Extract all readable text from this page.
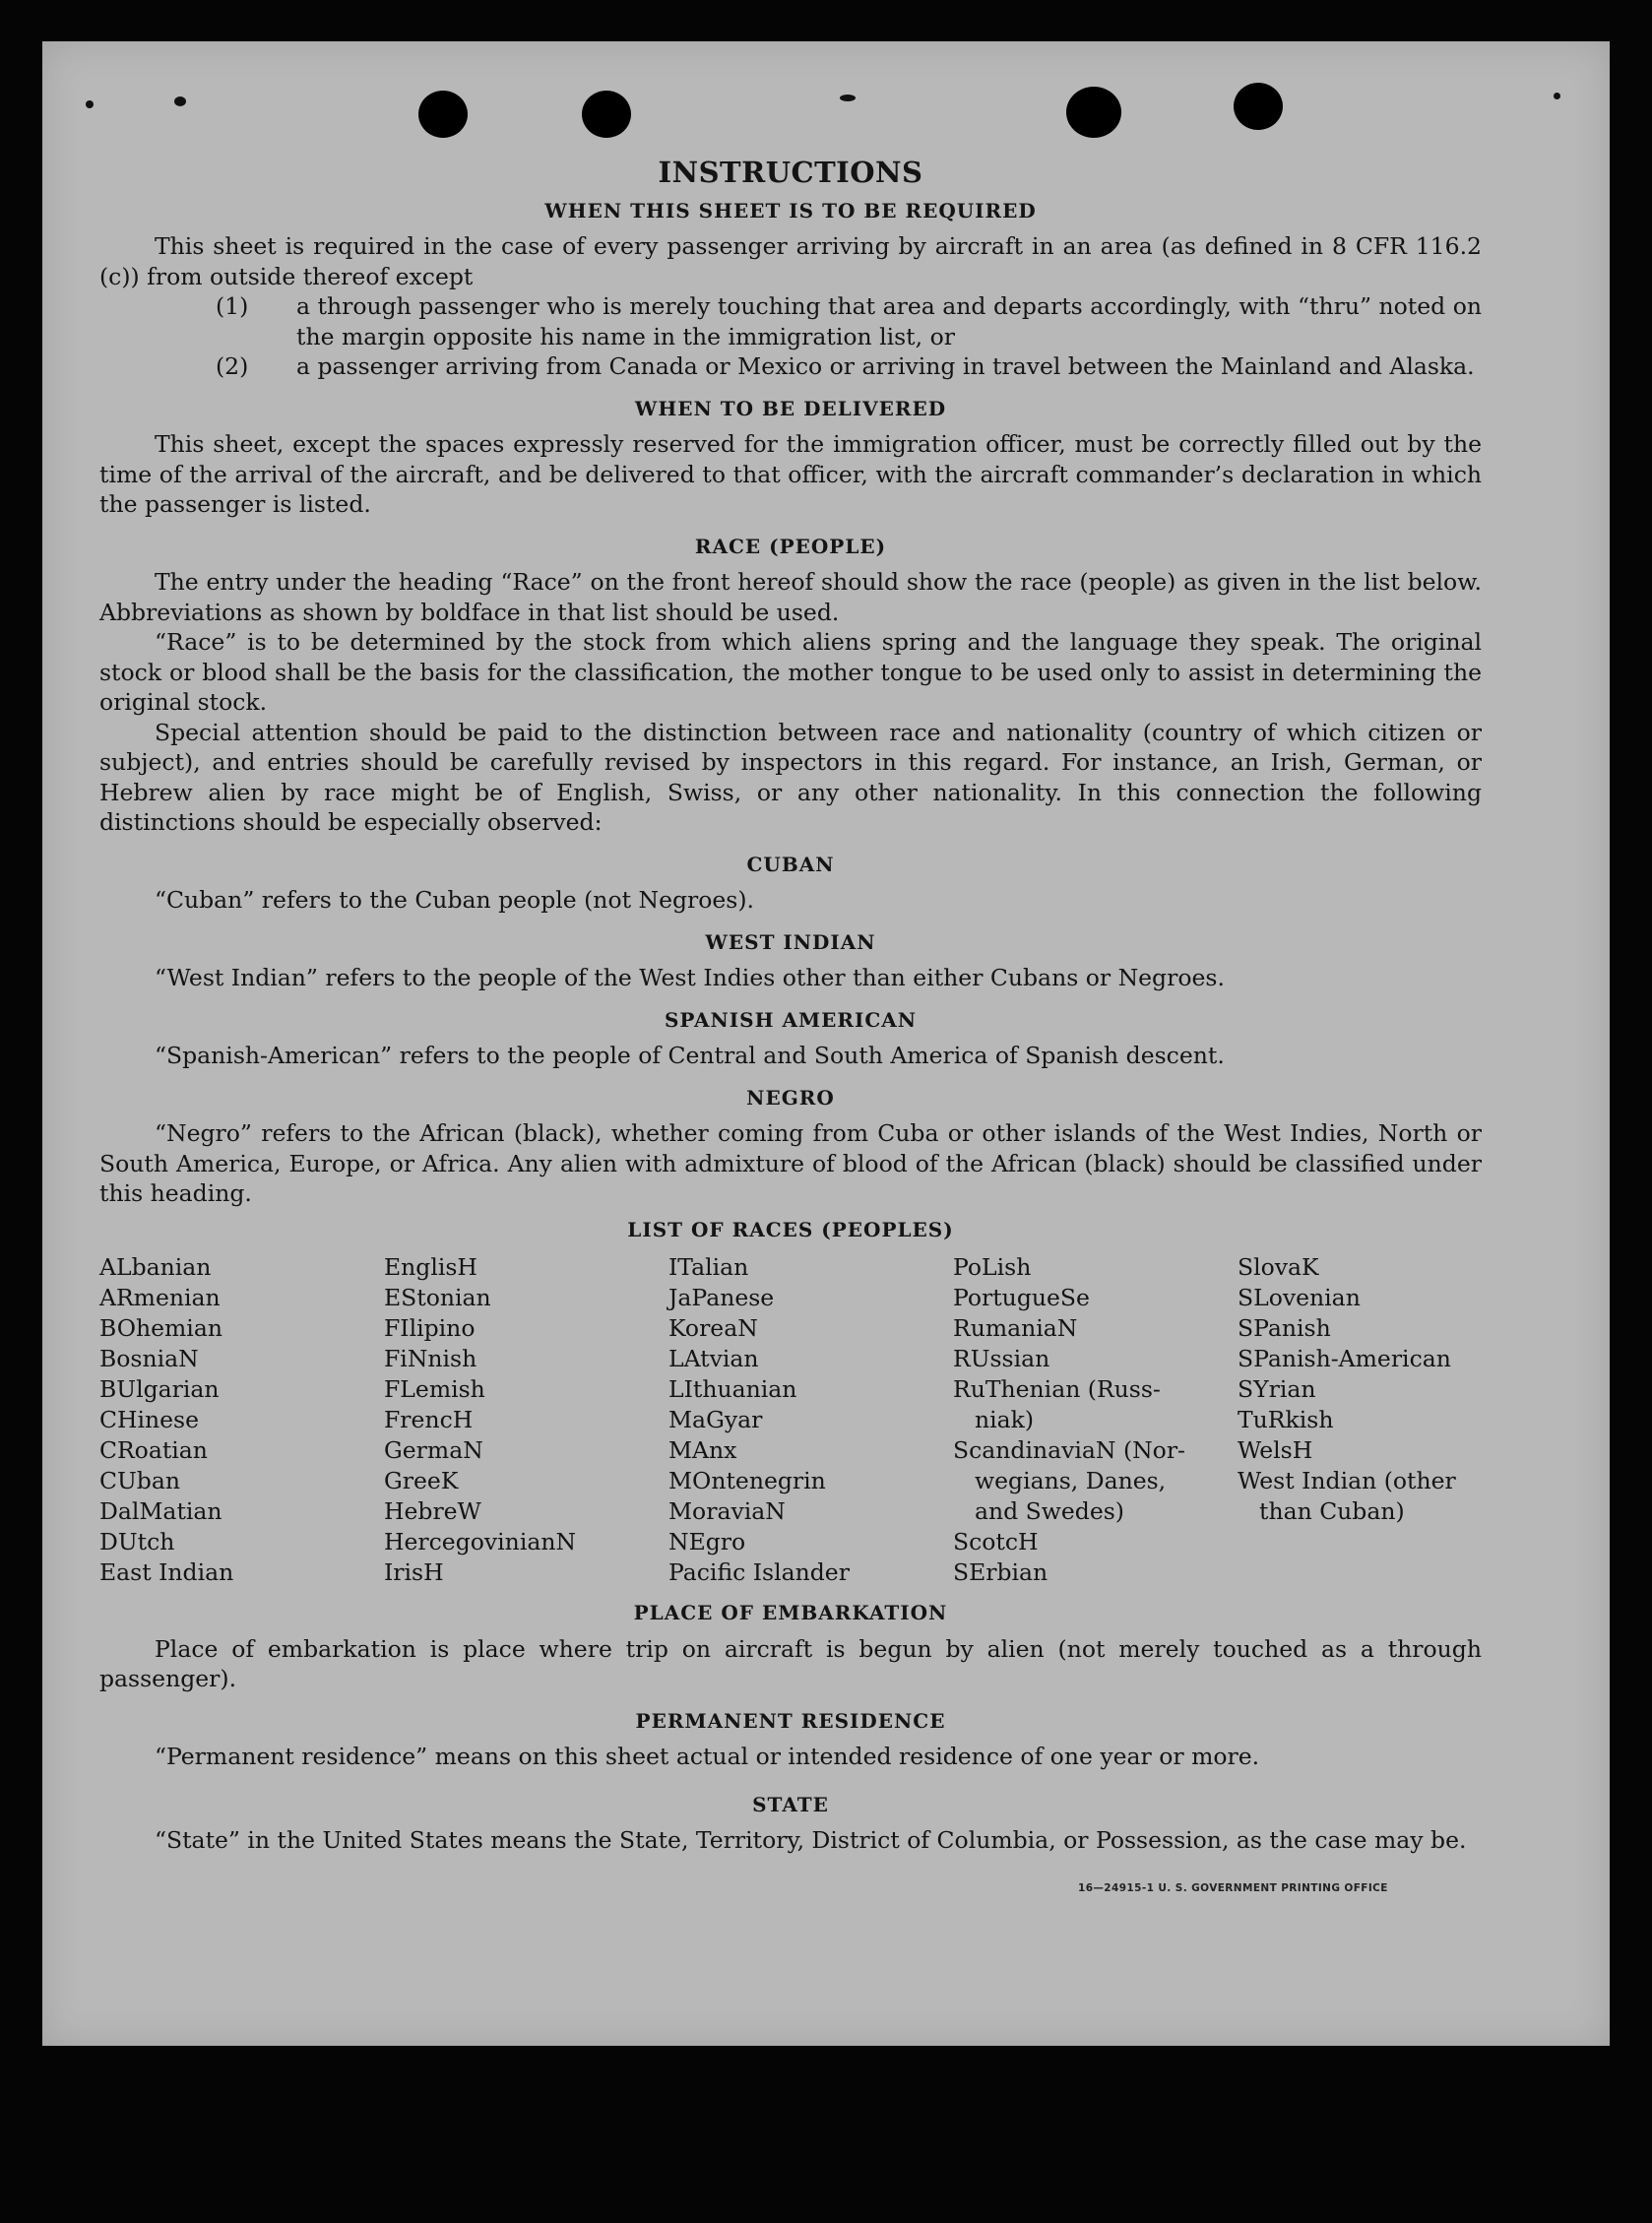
INSTRUCTIONS
WHEN THIS SHEET IS TO BE REQUIRED

This sheet is required in the case of every passenger arriving by aircraft in an area (as defined in 8 CFR 116.2 (c)) from outside thereof except

(1) a through passenger who is merely touching that area and departs accordingly, with “thru” noted on the margin opposite his name in the immigration list, or
(2) a passenger arriving from Canada or Mexico or arriving in travel between the Mainland and Alaska.
WHEN TO BE DELIVERED

This sheet, except the spaces expressly reserved for the immigration officer, must be correctly filled out by the time of the arrival of the aircraft, and be delivered to that officer, with the aircraft commander’s declaration in which the passenger is listed.

RACE (PEOPLE)

The entry under the heading “Race” on the front hereof should show the race (people) as given in the list below. Abbreviations as shown by boldface in that list should be used.

“Race” is to be determined by the stock from which aliens spring and the language they speak. The original stock or blood shall be the basis for the classification, the mother tongue to be used only to assist in determining the original stock.

Special attention should be paid to the distinction between race and nationality (country of which citizen or subject), and entries should be carefully revised by inspectors in this regard. For instance, an Irish, German, or Hebrew alien by race might be of English, Swiss, or any other nationality. In this connection the following distinctions should be especially observed:

CUBAN

“Cuban” refers to the Cuban people (not Negroes).

WEST INDIAN

“West Indian” refers to the people of the West Indies other than either Cubans or Negroes.

SPANISH AMERICAN

“Spanish-American” refers to the people of Central and South America of Spanish descent.

NEGRO

“Negro” refers to the African (black), whether coming from Cuba or other islands of the West Indies, North or South America, Europe, or Africa. Any alien with admixture of blood of the African (black) should be classified under this heading.

LIST OF RACES (PEOPLES)
ALbanian
ARmenian
BOhemian
BosniaN
BUlgarian
CHinese
CRoatian
CUban
DalMatian
DUtch
East Indian
EnglisH
EStonian
FIlipino
FiNnish
FLemish
FrencH
GermaN
GreeK
HebreW
HercegovinianN
IrisH
ITalian
JaPanese
KoreaN
LAtvian
LIthuanian
MaGyar
MAnx
MOntenegrin
MoraviaN
NEgro
Pacific Islander
PoLish
PortugueSe
RumaniaN
RUssian
RuThenian (Russ-
niak)
ScandinaviaN (Nor-
wegians, Danes,
and Swedes)
ScotcH
SErbian
SlovaK
SLovenian
SPanish
SPanish-American
SYrian
TuRkish
WelsH
West Indian (other
than Cuban)
PLACE OF EMBARKATION

Place of embarkation is place where trip on aircraft is begun by alien (not merely touched as a through passenger).

PERMANENT RESIDENCE

“Permanent residence” means on this sheet actual or intended residence of one year or more.

STATE

“State” in the United States means the State, Territory, District of Columbia, or Possession, as the case may be.

16—24915-1 U. S. GOVERNMENT PRINTING OFFICE
